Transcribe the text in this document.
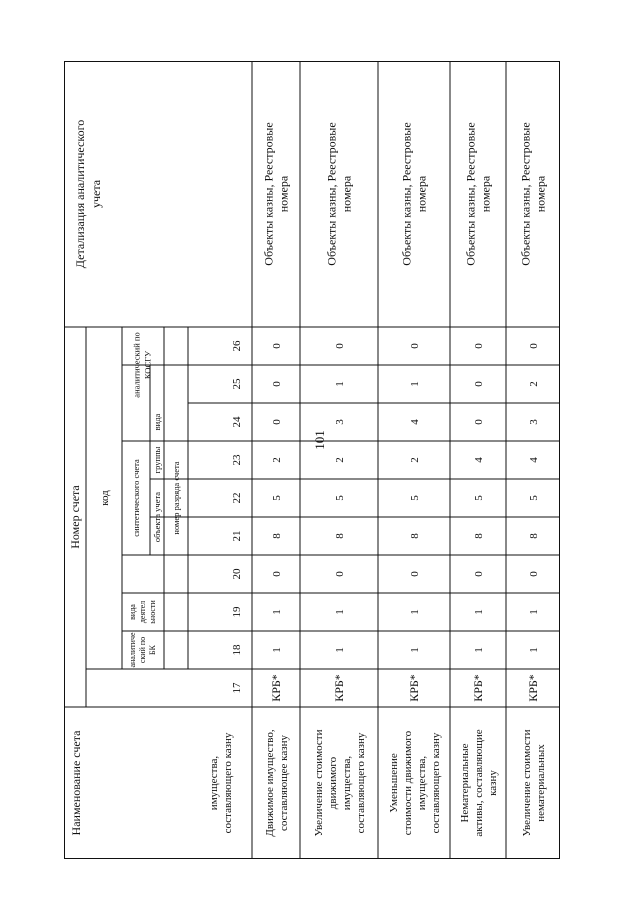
101
Наименование счета
Номер счета код
аналитический поБК
видадеятельности
синтетического счета объекта учета
группы
вида
аналитический поКОСГУ
номер разряда счета
Детализация аналитического учета
17
18
19
20
21
22
23
24
25
26
имущества, составляющего казну	Движимое имущество, составляющее казну
КРБ*
1
1
0
8
5
2
0
0
0
Объекты казны, Реестровыеномера
Увеличение стоимости движимого имущества, составляющего казну
КРБ*
1
1
0
8
5
2
3
1
0
Объекты казны, Реестровыеномера
Уменьшение стоимости движимого имущества, составляющего казну
КРБ*
1
1
0
8
5
2
4
1
0
Объекты казны, Реестровыеномера
Нематериальные активы, составляющие казну
КРБ*
1
1
0
8
5
4
0
0
0
Объекты казны, Реестровыеномера
Увеличение стоимости нематериальных
КРБ*
1
1
0
8
5
4
3
2
0
Объекты казны, Реестровыеномера
